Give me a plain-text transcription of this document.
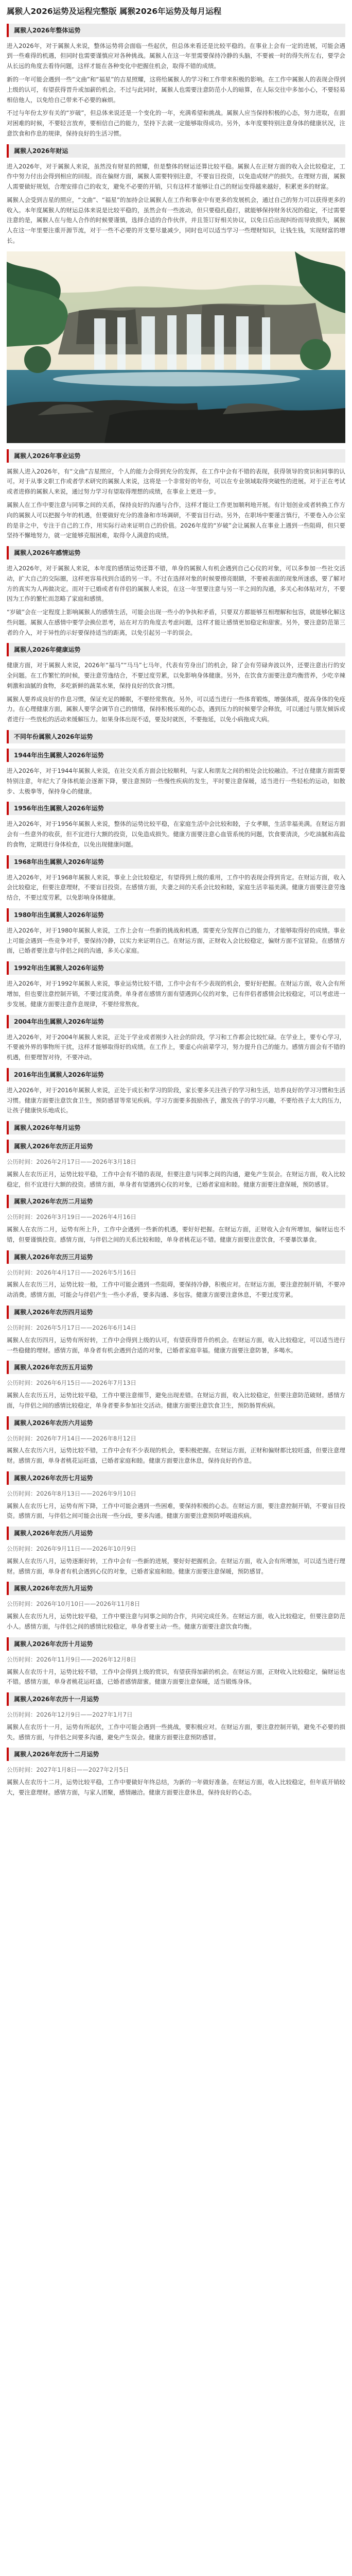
属猴人2026运势及运程完整版 属猴2026年运势及每月运程
属猴人2026年整体运势
进入2026年，对于属猴人来说，整体运势将会面临一些起伏，但总体来看还是比较平稳的。在事业上会有一定的进展，可能会遇到一些难得的机遇，但同时也需要谨慎应对各种挑战。属猴人在这一年里需要保持冷静的头脑，不要被一时的得失所左右，要学会从长远的角度去看待问题，这样才能在各种变化中把握住机会，取得不错的成绩。
新的一年可能会遇到一些“文曲”和“福星”的吉星照耀，这将给属猴人的学习和工作带来积极的影响。在工作中属猴人的表现会得到上级的认可，有望获得晋升或加薪的机会。不过与此同时，属猴人也需要注意防范小人的暗算，在人际交往中多加小心，不要轻易相信他人，以免给自己带来不必要的麻烦。
不过与年份太岁有关的“岁破”，但总体来说还是一个变化的一年，充满希望和挑战。属猴人应当保持积极的心态，努力进取，在面对困难的时候，不要轻言放弃，要相信自己的能力，坚持下去就一定能够取得成功。另外，本年度要特别注意身体的健康状况，注意饮食和作息的规律，保持良好的生活习惯。
属猴人2026年财运
进入2026年，对于属猴人来说，虽然没有财星的照耀，但是整体的财运还算比较平稳。属猴人在正财方面的收入会比较稳定，工作中努力付出会得到相应的回报。而在偏财方面，属猴人需要特别注意，不要盲目投资，以免造成财产的损失。在理财方面，属猴人需要做好规划，合理安排自己的收支，避免不必要的开销，只有这样才能够让自己的财运变得越来越好，积累更多的财富。
属猴人会受到吉星的照应，“文曲”、“福星”的加持会让属猴人在工作和事业中有更多的发展机会，通过自己的努力可以获得更多的收入。本年度属猴人的财运总体来说是比较平稳的，虽然会有一些波动，但只要稳扎稳打，就能够保持财务状况的稳定，不过需要注意的是，属猴人在与他人合作的时候要谨慎，选择合适的合作伙伴，并且签订好相关协议，以免日后出现纠纷而导致损失，属猴人在这一年里要注重开源节流，对于一些不必要的开支要尽量减少，同时也可以适当学习一些理财知识，让钱生钱，实现财富的增长。
属猴人2026年事业运势
属猴人进入2026年，有“文曲”吉星照应，个人的能力会得到充分的发挥，在工作中会有不错的表现，获得领导的赏识和同事的认可。对于从事文职工作或者学术研究的属猴人来说，这将是一个非常好的年份，可以在专业领域取得突破性的进展。对于正在考试或者进修的属猴人来说，通过努力学习有望取得理想的成绩，在事业上更进一步。
属猴人在工作中要注意与同事之间的关系，保持良好的沟通与合作，这样才能让工作更加顺利地开展。有计划创业或者转换工作方向的属猴人可以把握今年的机遇，但要做好充分的准备和市场调研，不要盲目行动。另外，在职场中要谨言慎行，不要卷入办公室的是非之中，专注于自己的工作，用实际行动来证明自己的价值。2026年度的“岁破”会让属猴人在事业上遇到一些阻碍，但只要坚持不懈地努力，就一定能够克服困难，取得令人满意的成绩。
属猴人2026年感情运势
进入2026年，对于属猴人来说，本年度的感情运势还算不错，单身的属猴人有机会遇到自己心仪的对象，可以多参加一些社交活动，扩大自己的交际圈，这样更容易找到合适的另一半。不过在选择对象的时候要擦亮眼睛，不要被表面的现象所迷惑，要了解对方的真实为人再做决定。而对于已婚或者有伴侣的属猴人来说，在这一年里要注意与另一半之间的沟通，多关心和体贴对方，不要因为工作的繁忙而忽略了家庭和感情。
“岁破”会在一定程度上影响属猴人的感情生活，可能会出现一些小的争执和矛盾，只要双方都能够互相理解和包容，就能够化解这些问题。属猴人在感情中要学会换位思考，站在对方的角度去考虑问题，这样才能让感情更加稳定和甜蜜。另外，要注意防范第三者的介入，对于异性的示好要保持适当的距离，以免引起另一半的误会。
属猴人2026年健康运势
健康方面，对于属猴人来说，2026年“福马”“马马”七马年，代表有劳身出门的机会，除了会有劳碌奔波以外，还要注意出行的安全问题。在工作繁忙的时候，要注意劳逸结合，不要过度劳累，以免影响身体健康。另外，在饮食方面要注意均衡营养，少吃辛辣刺激和油腻的食物，多吃新鲜的蔬菜水果，保持良好的饮食习惯。
属猴人要养成良好的作息习惯，保证充足的睡眠，不要经常熬夜。另外，可以适当进行一些体育锻炼，增强体质，提高身体的免疫力。在心理健康方面，属猴人要学会调节自己的情绪，保持积极乐观的心态，遇到压力的时候要学会释放，可以通过与朋友倾诉或者进行一些放松的活动来缓解压力。如果身体出现不适，要及时就医，不要拖延，以免小病拖成大病。
不同年份属猴人2026年运势
1944年出生属猴人2026年运势
进入2026年，对于1944年属猴人来说，在社交关系方面会比较顺利，与家人和朋友之间的相处会比较融洽。不过在健康方面需要特别注意，年纪大了身体机能会逐渐下降，要注意预防一些慢性疾病的发生，平时要注意保暖，适当进行一些轻松的运动，如散步、太极拳等，保持身心的健康。
1956年出生属猴人2026年运势
进入2026年，对于1956年属猴人来说，整体的运势比较平稳，在家庭生活中会比较和睦，子女孝顺，生活幸福美满。在财运方面会有一些意外的收获，但不宜进行大额的投资，以免造成损失。健康方面要注意心血管系统的问题，饮食要清淡，少吃油腻和高盐的食物，定期进行身体检查，以免出现健康问题。
1968年出生属猴人2026年运势
进入2026年，对于1968年属猴人来说，事业上会比较稳定，有望得到上级的重用，工作中的表现会得到肯定。在财运方面，收入会比较稳定，但要注意理财，不要盲目投资。在感情方面，夫妻之间的关系会比较和睦，家庭生活幸福美满。健康方面要注意劳逸结合，不要过度劳累，以免影响身体健康。
1980年出生属猴人2026年运势
进入2026年，对于1980年属猴人来说，工作上会有一些新的挑战和机遇，需要充分发挥自己的能力，才能够取得好的成绩。事业上可能会遇到一些竞争对手，要保持冷静，以实力来证明自己。在财运方面，正财收入会比较稳定，偏财方面不宜冒险。在感情方面，已婚者要注意与伴侣之间的沟通，多关心家庭。
1992年出生属猴人2026年运势
进入2026年，对于1992年属猴人来说，事业运势比较不错，工作中会有不少表现的机会，要好好把握。在财运方面，收入会有所增加，但也要注意控制开销，不要过度消费。单身者在感情方面有望遇到心仪的对象，已有伴侣者感情会比较稳定，可以考虑进一步发展。健康方面要注意作息规律，不要经常熬夜。
2004年出生属猴人2026年运势
进入2026年，对于2004年属猴人来说，正处于学业或者刚步入社会的阶段，学习和工作都会比较忙碌。在学业上，要专心学习，不要被外界的事物所干扰，这样才能够取得好的成绩。在工作上，要虚心向前辈学习，努力提升自己的能力。感情方面会有不错的机遇，但要理智对待，不要冲动。
2016年出生属猴人2026年运势
进入2026年，对于2016年属猴人来说，正处于成长和学习的阶段，家长要多关注孩子的学习和生活，培养良好的学习习惯和生活习惯。健康方面要注意饮食卫生，预防感冒等常见疾病。学习方面要多鼓励孩子，激发孩子的学习兴趣，不要给孩子太大的压力，让孩子健康快乐地成长。
属猴人2026年每月运势
属猴人2026年农历正月运势
公历时间：2026年2月17日——2026年3月18日
属猴人在农历正月，运势比较平稳，工作中会有不错的表现，但要注意与同事之间的沟通，避免产生误会。在财运方面，收入比较稳定，但不宜进行大额的投资。感情方面，单身者有望遇到心仪的对象，已婚者家庭和睦。健康方面要注意保暖，预防感冒。
属猴人2026年农历二月运势
公历时间：2026年3月19日——2026年4月16日
属猴人在农历二月，运势有所上升，工作中会遇到一些新的机遇，要好好把握。在财运方面，正财收入会有所增加，偏财运也不错，但要谨慎投资。感情方面，与伴侣之间的关系比较和睦，单身者桃花运不错。健康方面要注意饮食，不要暴饮暴食。
属猴人2026年农历三月运势
公历时间：2026年4月17日——2026年5月16日
属猴人在农历三月，运势比较一般，工作中可能会遇到一些阻碍，要保持冷静，积极应对。在财运方面，要注意控制开销，不要冲动消费。感情方面，可能会与伴侣产生一些小矛盾，要多沟通、多包容。健康方面要注意休息，不要过度劳累。
属猴人2026年农历四月运势
公历时间：2026年5月17日——2026年6月14日
属猴人在农历四月，运势有所好转，工作中会得到上级的认可，有望获得晋升的机会。在财运方面，收入比较稳定，可以适当进行一些稳健的理财。感情方面，单身者有机会遇到合适的对象，已婚者家庭幸福。健康方面要注意防暑，多喝水。
属猴人2026年农历五月运势
公历时间：2026年6月15日——2026年7月13日
属猴人在农历五月，运势比较平稳，工作中要注意细节，避免出现差错。在财运方面，收入比较稳定，但要注意防范破财。感情方面，与伴侣之间的感情比较稳定，单身者要多参加社交活动。健康方面要注意饮食卫生，预防肠胃疾病。
属猴人2026年农历六月运势
公历时间：2026年7月14日——2026年8月12日
属猴人在农历六月，运势比较不错，工作中会有不少表现的机会，要积极把握。在财运方面，正财和偏财都比较旺盛，但要注意理财。感情方面，单身者桃花运旺盛，已婚者家庭和睦。健康方面要注意休息，保持良好的作息。
属猴人2026年农历七月运势
公历时间：2026年8月13日——2026年9月10日
属猴人在农历七月，运势有所下降，工作中可能会遇到一些困难，要保持积极的心态。在财运方面，要注意控制开销，不要盲目投资。感情方面，与伴侣之间可能会出现一些分歧，要多沟通。健康方面要注意预防呼吸道疾病。
属猴人2026年农历八月运势
公历时间：2026年9月11日——2026年10月9日
属猴人在农历八月，运势逐渐好转，工作中会有一些新的进展，要好好把握机会。在财运方面，收入会有所增加，可以适当进行理财。感情方面，单身者有机会遇到心仪的对象，已婚者家庭和睦。健康方面要注意保暖，预防感冒。
属猴人2026年农历九月运势
公历时间：2026年10月10日——2026年11月8日
属猴人在农历九月，运势比较平稳，工作中要注意与同事之间的合作，共同完成任务。在财运方面，收入比较稳定，但要注意防范小人。感情方面，与伴侣之间的感情比较稳定，单身者要主动一些。健康方面要注意饮食均衡。
属猴人2026年农历十月运势
公历时间：2026年11月9日——2026年12月8日
属猴人在农历十月，运势比较不错，工作中会得到上级的赏识，有望获得加薪的机会。在财运方面，正财收入比较稳定，偏财运也不错。感情方面，单身者桃花运旺盛，已婚者感情甜蜜。健康方面要注意保暖，适当锻炼身体。
属猴人2026年农历十一月运势
公历时间：2026年12月9日——2027年1月7日
属猴人在农历十一月，运势有所起伏，工作中可能会遇到一些挑战，要积极应对。在财运方面，要注意控制开销，避免不必要的损失。感情方面，与伴侣之间要多沟通，避免产生误会。健康方面要注意预防感冒。
属猴人2026年农历十二月运势
公历时间：2027年1月8日——2027年2月5日
属猴人在农历十二月，运势比较平稳，工作中要做好年终总结，为新的一年做好准备。在财运方面，收入比较稳定，但年底开销较大，要注意理财。感情方面，与家人团聚，感情融洽。健康方面要注意休息，保持良好的心态。
